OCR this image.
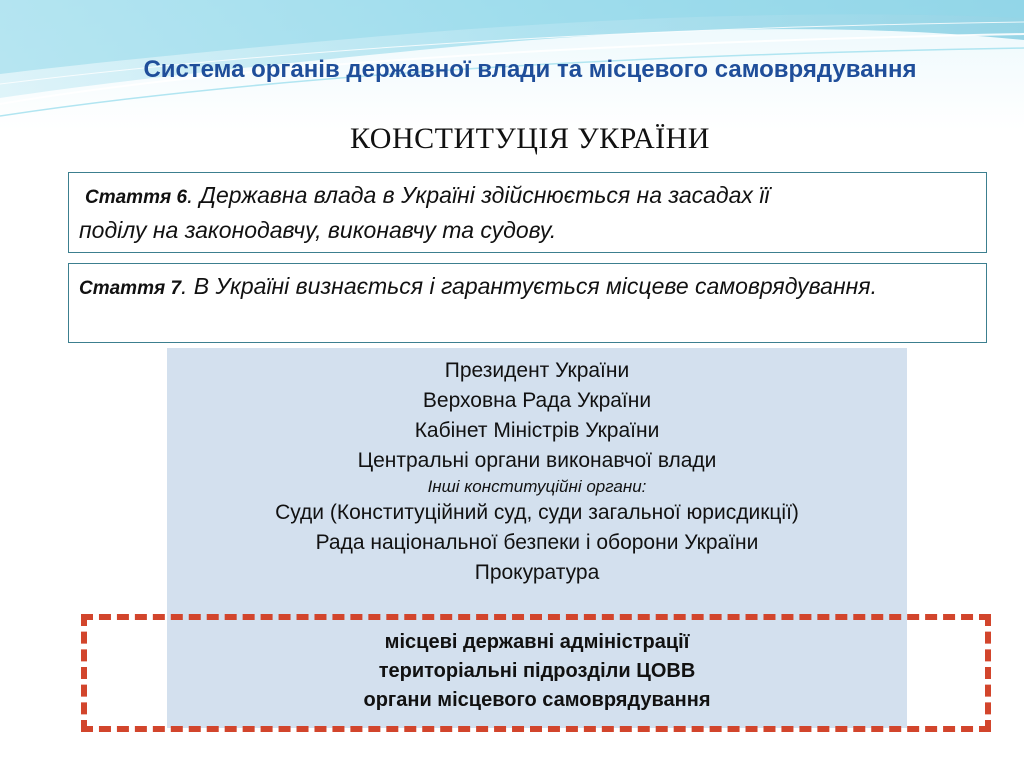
Система органів державної влади та місцевого самоврядування
КОНСТИТУЦІЯ УКРАЇНИ
Стаття 6. Державна влада в Україні здійснюється на засадах її
поділу на законодавчу, виконавчу та судову.
Стаття 7. В Україні визнається і гарантується місцеве самоврядування.
Президент України
Верховна Рада України
Кабінет Міністрів України
Центральні органи виконавчої влади
Інші конституційні органи:
Суди (Конституційний суд, суди загальної юрисдикції)
Рада національної безпеки і оборони України
Прокуратура
місцеві державні адміністрації
територіальні підрозділи ЦОВВ
органи місцевого самоврядування
